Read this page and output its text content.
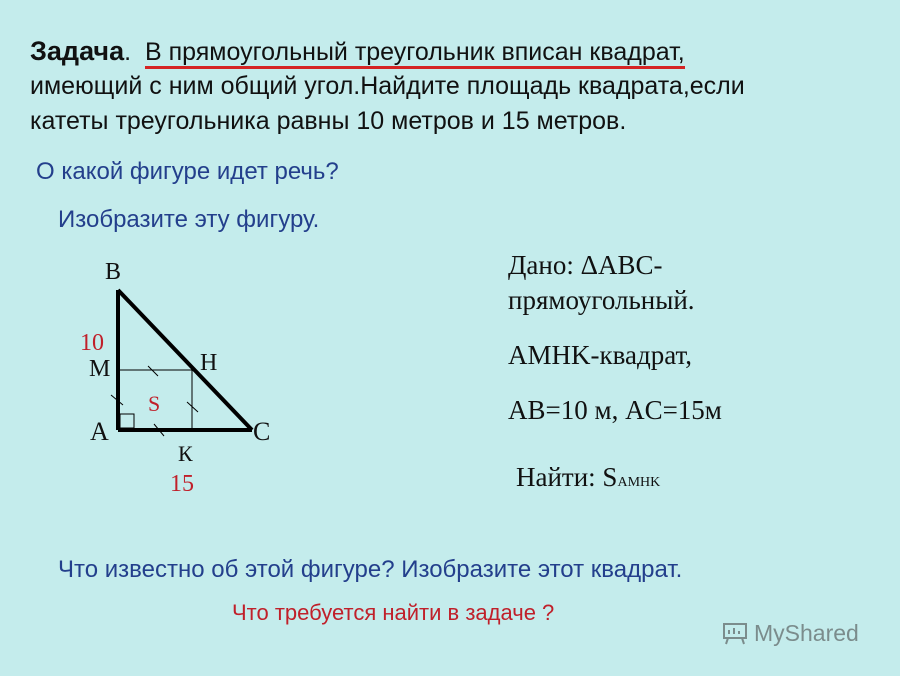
Задача. В прямоугольный треугольник вписан квадрат,
имеющий с ним общий угол.Найдите площадь квадрата,если
катеты треугольника равны 10 метров и 15 метров.
О какой фигуре идет речь?
Изобразите эту фигуру.
B
A	C
M	H
К
10
15
S
Дано: ΔABC-
прямоугольный.
AMHK-квадрат,
AB=10 м, AC=15м
Найти: SAMHK
Что известно об этой фигуре? Изобразите этот квадрат.
Что требуется найти в задаче ?
MyShared
